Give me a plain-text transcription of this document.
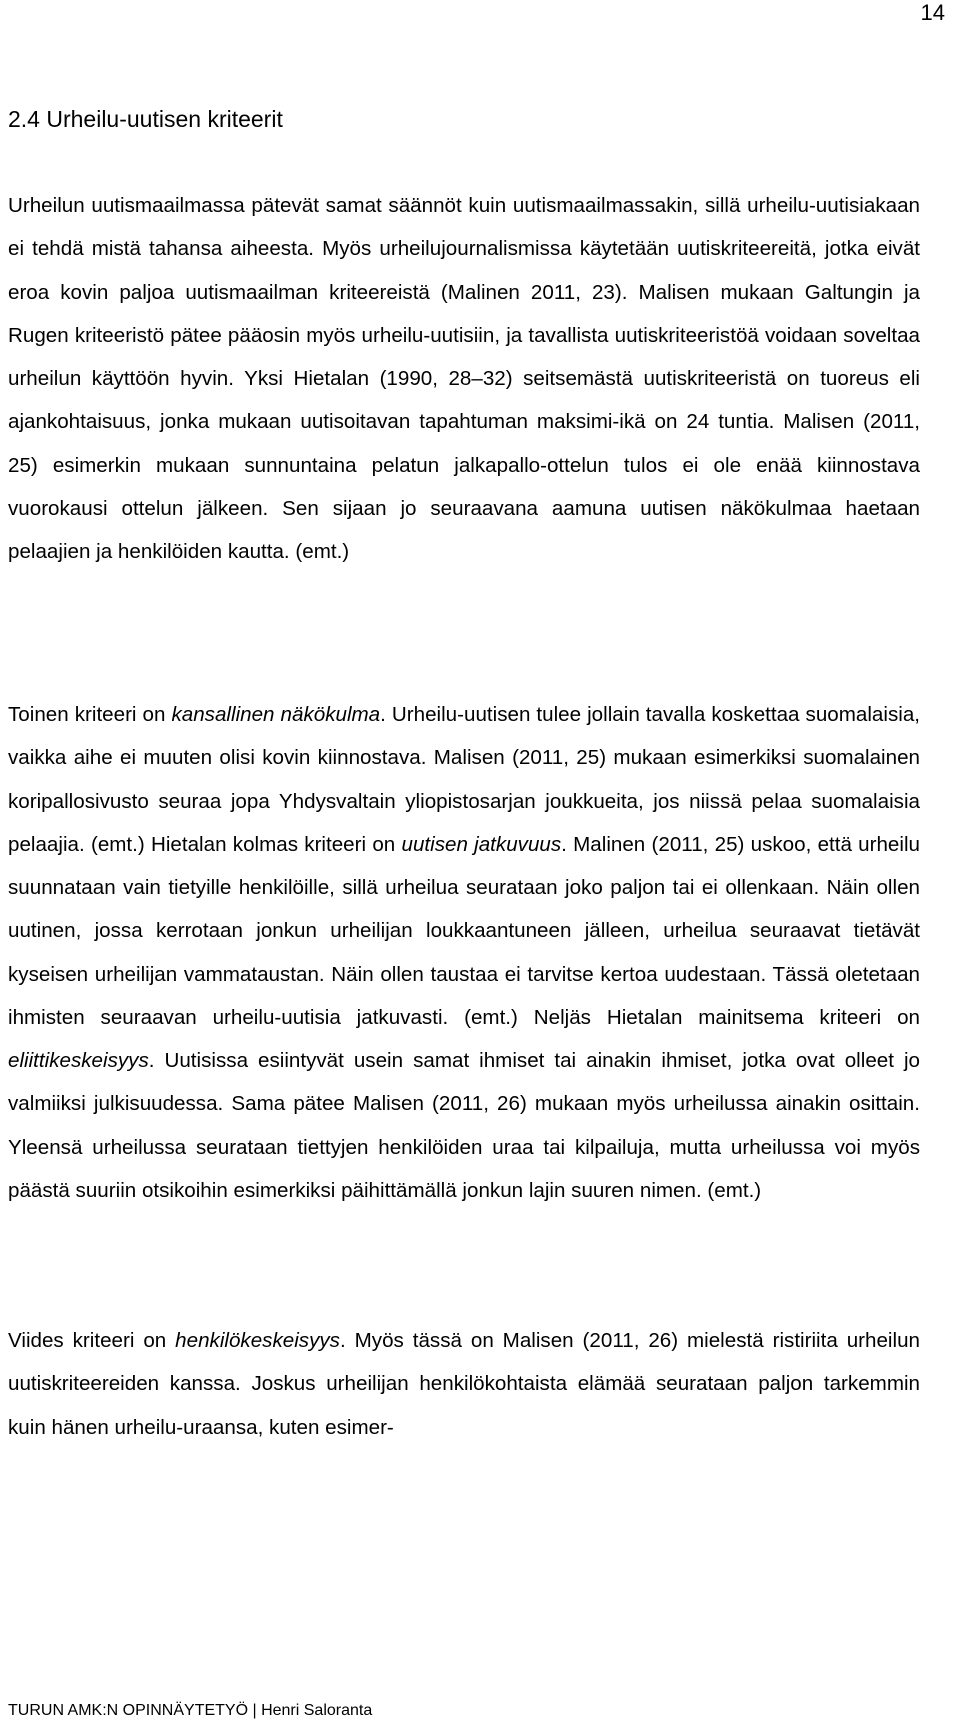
14
2.4 Urheilu-uutisen kriteerit

Urheilun uutismaailmassa pätevät samat säännöt kuin uutismaailmassakin, sillä urheilu-uutisiakaan ei tehdä mistä tahansa aiheesta. Myös urheilujournalismissa käytetään uutiskriteereitä, jotka eivät eroa kovin paljoa uutismaailman kriteereistä (Malinen 2011, 23). Malisen mukaan Galtungin ja Rugen kriteeristö pätee pääosin myös urheilu-uutisiin, ja tavallista uutiskriteeristöä voidaan soveltaa urheilun käyttöön hyvin. Yksi Hietalan (1990, 28–32) seitsemästä uutiskriteeristä on tuoreus eli ajankohtaisuus, jonka mukaan uutisoitavan tapahtuman maksimi-ikä on 24 tuntia. Malisen (2011, 25) esimerkin mukaan sunnuntaina pelatun jalkapallo-ottelun tulos ei ole enää kiinnostava vuorokausi ottelun jälkeen. Sen sijaan jo seuraavana aamuna uutisen näkökulmaa haetaan pelaajien ja henkilöiden kautta. (emt.)

Toinen kriteeri on kansallinen näkökulma. Urheilu-uutisen tulee jollain tavalla koskettaa suomalaisia, vaikka aihe ei muuten olisi kovin kiinnostava. Malisen (2011, 25) mukaan esimerkiksi suomalainen koripallosivusto seuraa jopa Yhdysvaltain yliopistosarjan joukkueita, jos niissä pelaa suomalaisia pelaajia. (emt.) Hietalan kolmas kriteeri on uutisen jatkuvuus. Malinen (2011, 25) uskoo, että urheilu suunnataan vain tietyille henkilöille, sillä urheilua seurataan joko paljon tai ei ollenkaan. Näin ollen uutinen, jossa kerrotaan jonkun urheilijan loukkaantuneen jälleen, urheilua seuraavat tietävät kyseisen urheilijan vammataustan. Näin ollen taustaa ei tarvitse kertoa uudestaan. Tässä oletetaan ihmisten seuraavan urheilu-uutisia jatkuvasti. (emt.) Neljäs Hietalan mainitsema kriteeri on eliittikeskeisyys. Uutisissa esiintyvät usein samat ihmiset tai ainakin ihmiset, jotka ovat olleet jo valmiiksi julkisuudessa. Sama pätee Malisen (2011, 26) mukaan myös urheilussa ainakin osittain. Yleensä urheilussa seurataan tiettyjen henkilöiden uraa tai kilpailuja, mutta urheilussa voi myös päästä suuriin otsikoihin esimerkiksi päihittämällä jonkun lajin suuren nimen. (emt.)

Viides kriteeri on henkilökeskeisyys. Myös tässä on Malisen (2011, 26) mielestä ristiriita urheilun uutiskriteereiden kanssa. Joskus urheilijan henkilökohtaista elämää seurataan paljon tarkemmin kuin hänen urheilu-uraansa, kuten esimer-

TURUN AMK:N OPINNÄYTETYÖ | Henri Saloranta
